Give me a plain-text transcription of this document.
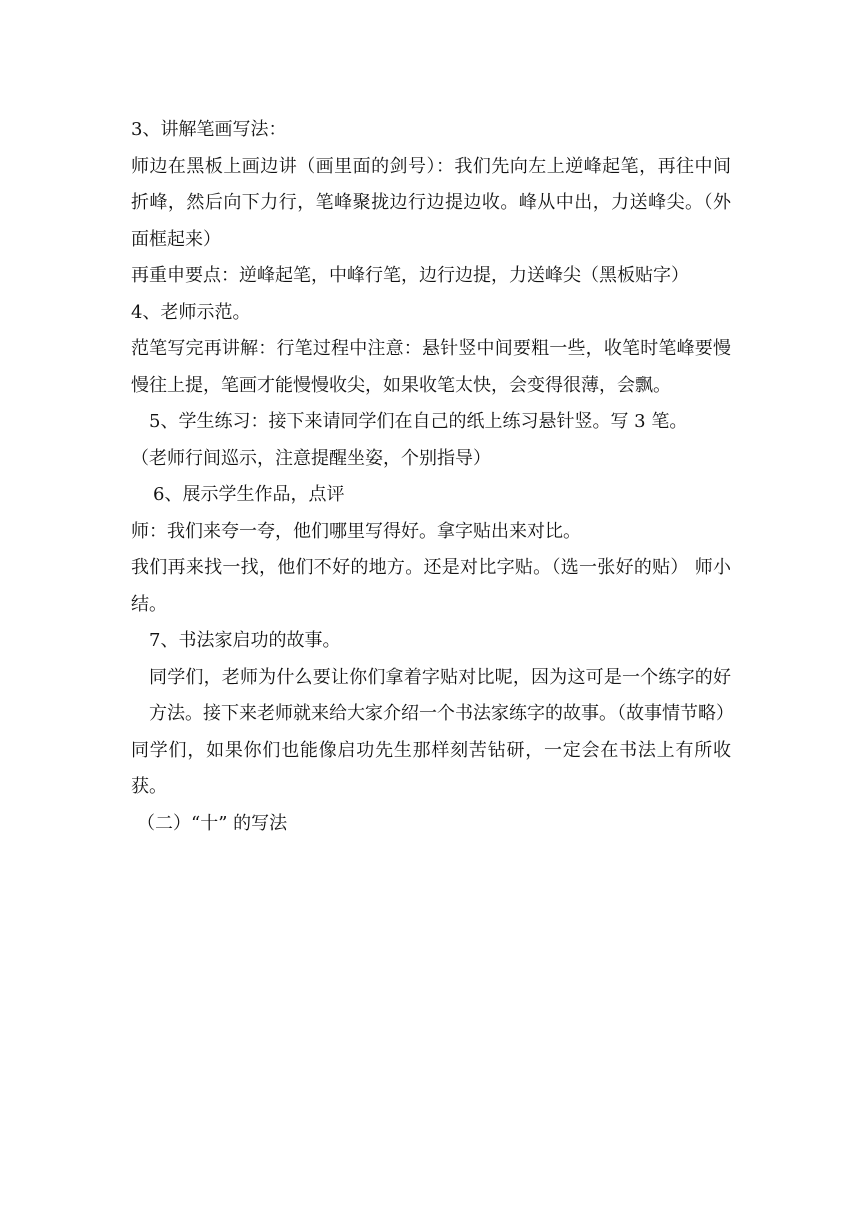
3、讲解笔画写法：

师边在黑板上画边讲（画里面的剑号）：我们先向左上逆峰起笔，再往中间折峰，然后向下力行，笔峰聚拢边行边提边收。峰从中出，力送峰尖。（外面框起来）

再重申要点：逆峰起笔，中峰行笔，边行边提，力送峰尖（黑板贴字）

4、老师示范。

范笔写完再讲解：行笔过程中注意：悬针竖中间要粗一些，收笔时笔峰要慢慢往上提，笔画才能慢慢收尖，如果收笔太快，会变得很薄，会飘。

5、学生练习：接下来请同学们在自己的纸上练习悬针竖。写 3 笔。

（老师行间巡示，注意提醒坐姿，个别指导）

6、展示学生作品，点评

师：我们来夸一夸，他们哪里写得好。拿字贴出来对比。

我们再来找一找，他们不好的地方。还是对比字贴。（选一张好的贴） 师小结。

7、书法家启功的故事。

同学们，老师为什么要让你们拿着字贴对比呢，因为这可是一个练字的好方法。接下来老师就来给大家介绍一个书法家练字的故事。（故事情节略）

同学们，如果你们也能像启功先生那样刻苦钻研，一定会在书法上有所收获。

（二）“十” 的写法
